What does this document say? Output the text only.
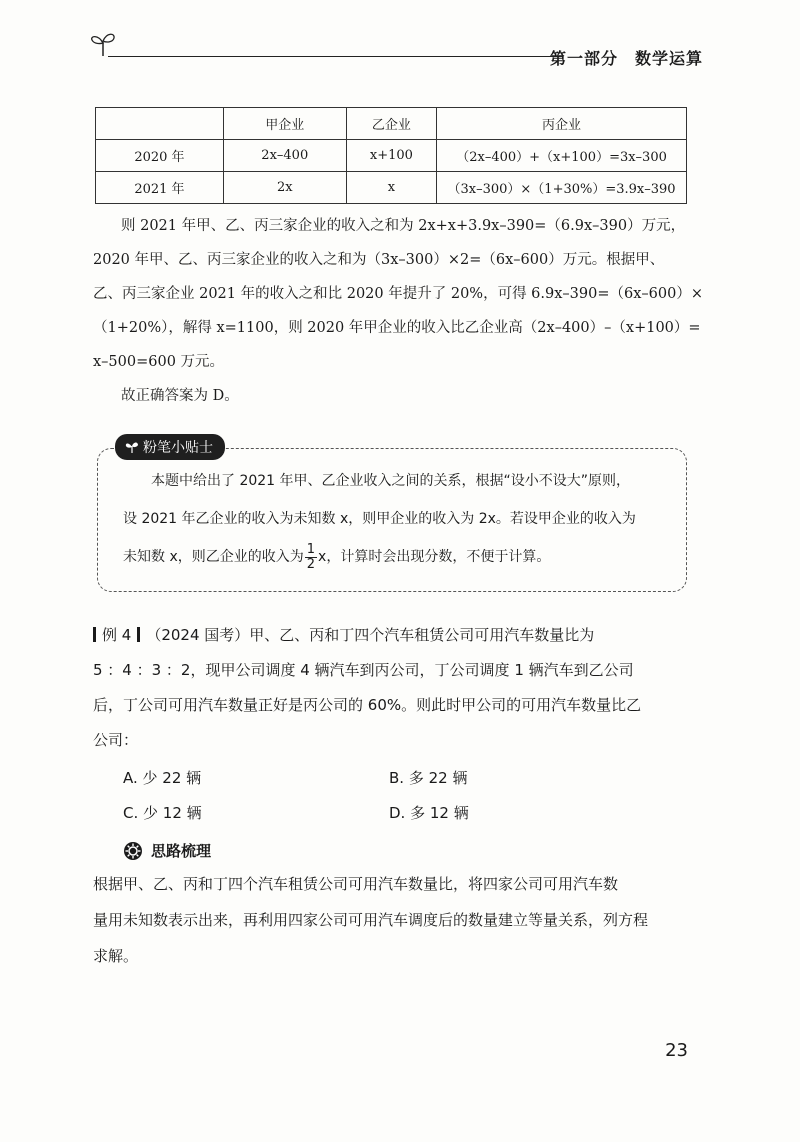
第一部分　数学运算
	甲企业	乙企业	丙企业
2020 年	2x–400	x+100	（2x–400）+（x+100）=3x–300
2021 年	2x	x	（3x–300）×（1+30%）=3.9x–390
则 2021 年甲、乙、丙三家企业的收入之和为 2x+x+3.9x–390=（6.9x–390）万元，
2020 年甲、乙、丙三家企业的收入之和为（3x–300）×2=（6x–600）万元。根据甲、
乙、丙三家企业 2021 年的收入之和比 2020 年提升了 20%，可得 6.9x–390=（6x–600）×
（1+20%），解得 x=1100，则 2020 年甲企业的收入比乙企业高（2x–400）–（x+100）=
x–500=600 万元。
故正确答案为 D。
粉笔小贴士
本题中给出了 2021 年甲、乙企业收入之间的关系，根据“设小不设大”原则，
设 2021 年乙企业的收入为未知数 x，则甲企业的收入为 2x。若设甲企业的收入为
未知数 x，则乙企业的收入为 $\frac{1}{2}$ x，计算时会出现分数，不便于计算。
例 4 （2024 国考）甲、乙、丙和丁四个汽车租赁公司可用汽车数量比为
5 ：4 ：3 ：2，现甲公司调度 4 辆汽车到丙公司，丁公司调度 1 辆汽车到乙公司
后，丁公司可用汽车数量正好是丙公司的 60%。则此时甲公司的可用汽车数量比乙
公司：
A. 少 22 辆	B. 多 22 辆
C. 少 12 辆	D. 多 12 辆
思路梳理
根据甲、乙、丙和丁四个汽车租赁公司可用汽车数量比，将四家公司可用汽车数
量用未知数表示出来，再利用四家公司可用汽车调度后的数量建立等量关系，列方程
求解。
23
